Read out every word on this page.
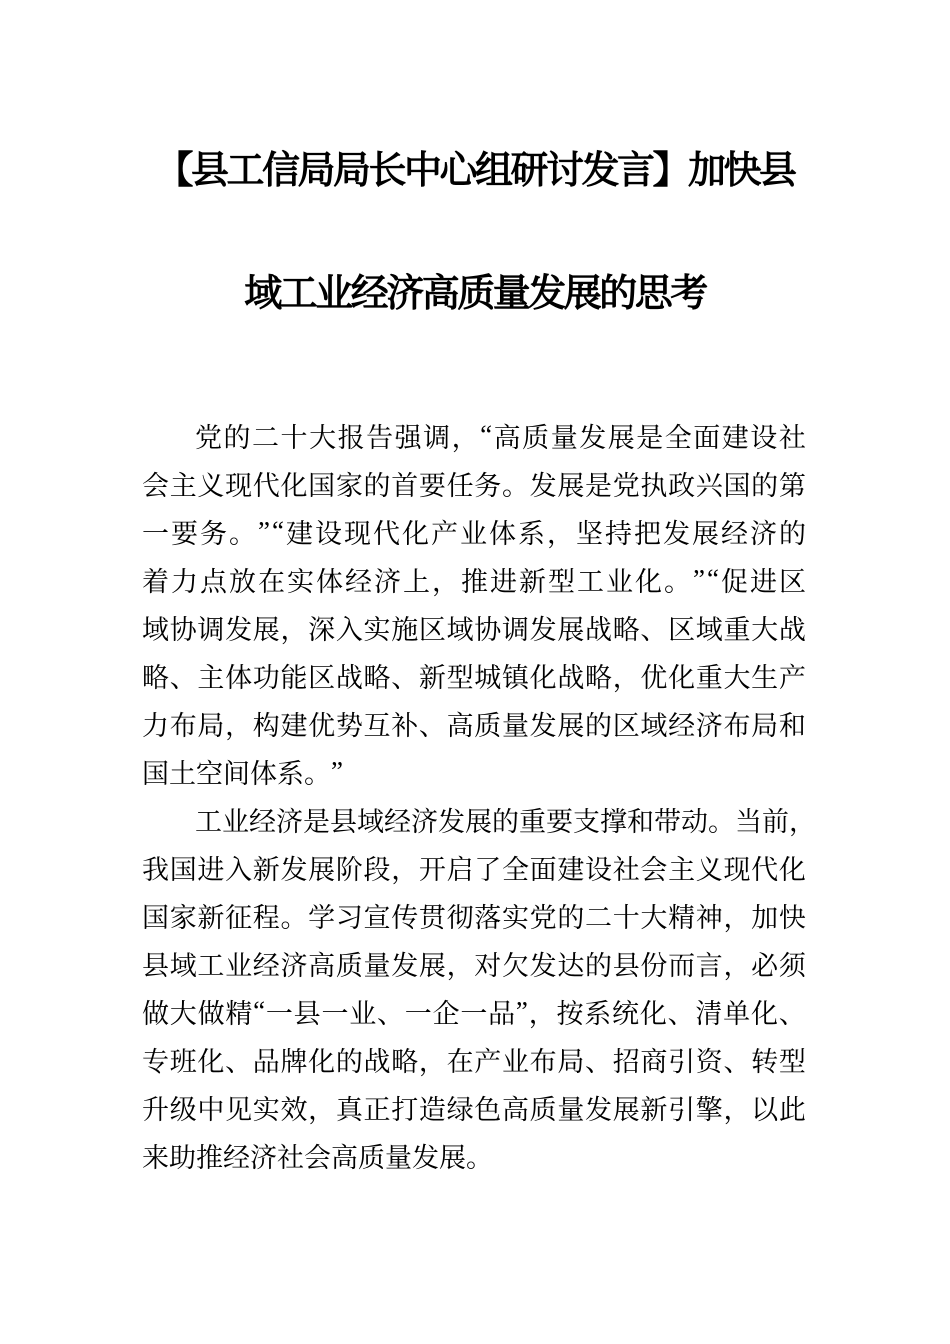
【县工信局局长中心组研讨发言】加快县
域工业经济高质量发展的思考
党 的 二 十 大 报 告 强 调 ， “ 高 质 量 发 展 是 全 面 建 设 社
会 主 义 现 代 化 国 家 的 首 要 任 务 。 发 展 是 党 执 政 兴 国 的 第
一 要 务 。 ” “ 建 设 现 代 化 产 业 体 系 ， 坚 持 把 发 展 经 济 的
着 力 点 放 在 实 体 经 济 上 ， 推 进 新 型 工 业 化 。 ” “ 促 进 区
域 协 调 发 展 ， 深 入 实 施 区 域 协 调 发 展 战 略 、 区 域 重 大 战
略 、 主 体 功 能 区 战 略 、 新 型 城 镇 化 战 略 ， 优 化 重 大 生 产
力 布 局 ， 构 建 优 势 互 补 、 高 质 量 发 展 的 区 域 经 济 布 局 和
国 土 空 间 体 系 。 ”
工 业 经 济 是 县 域 经 济 发 展 的 重 要 支 撑 和 带 动 。 当 前 ，
我 国 进 入 新 发 展 阶 段 ， 开 启 了 全 面 建 设 社 会 主 义 现 代 化
国 家 新 征 程 。 学 习 宣 传 贯 彻 落 实 党 的 二 十 大 精 神 ， 加 快
县 域 工 业 经 济 高 质 量 发 展 ， 对 欠 发 达 的 县 份 而 言 ， 必 须
做 大 做 精 “ 一 县 一 业 、 一 企 一 品 ” ， 按 系 统 化 、 清 单 化 、
专 班 化 、 品 牌 化 的 战 略 ， 在 产 业 布 局 、 招 商 引 资 、 转 型
升 级 中 见 实 效 ， 真 正 打 造 绿 色 高 质 量 发 展 新 引 擎 ， 以 此
来 助 推 经 济 社 会 高 质 量 发 展 。
